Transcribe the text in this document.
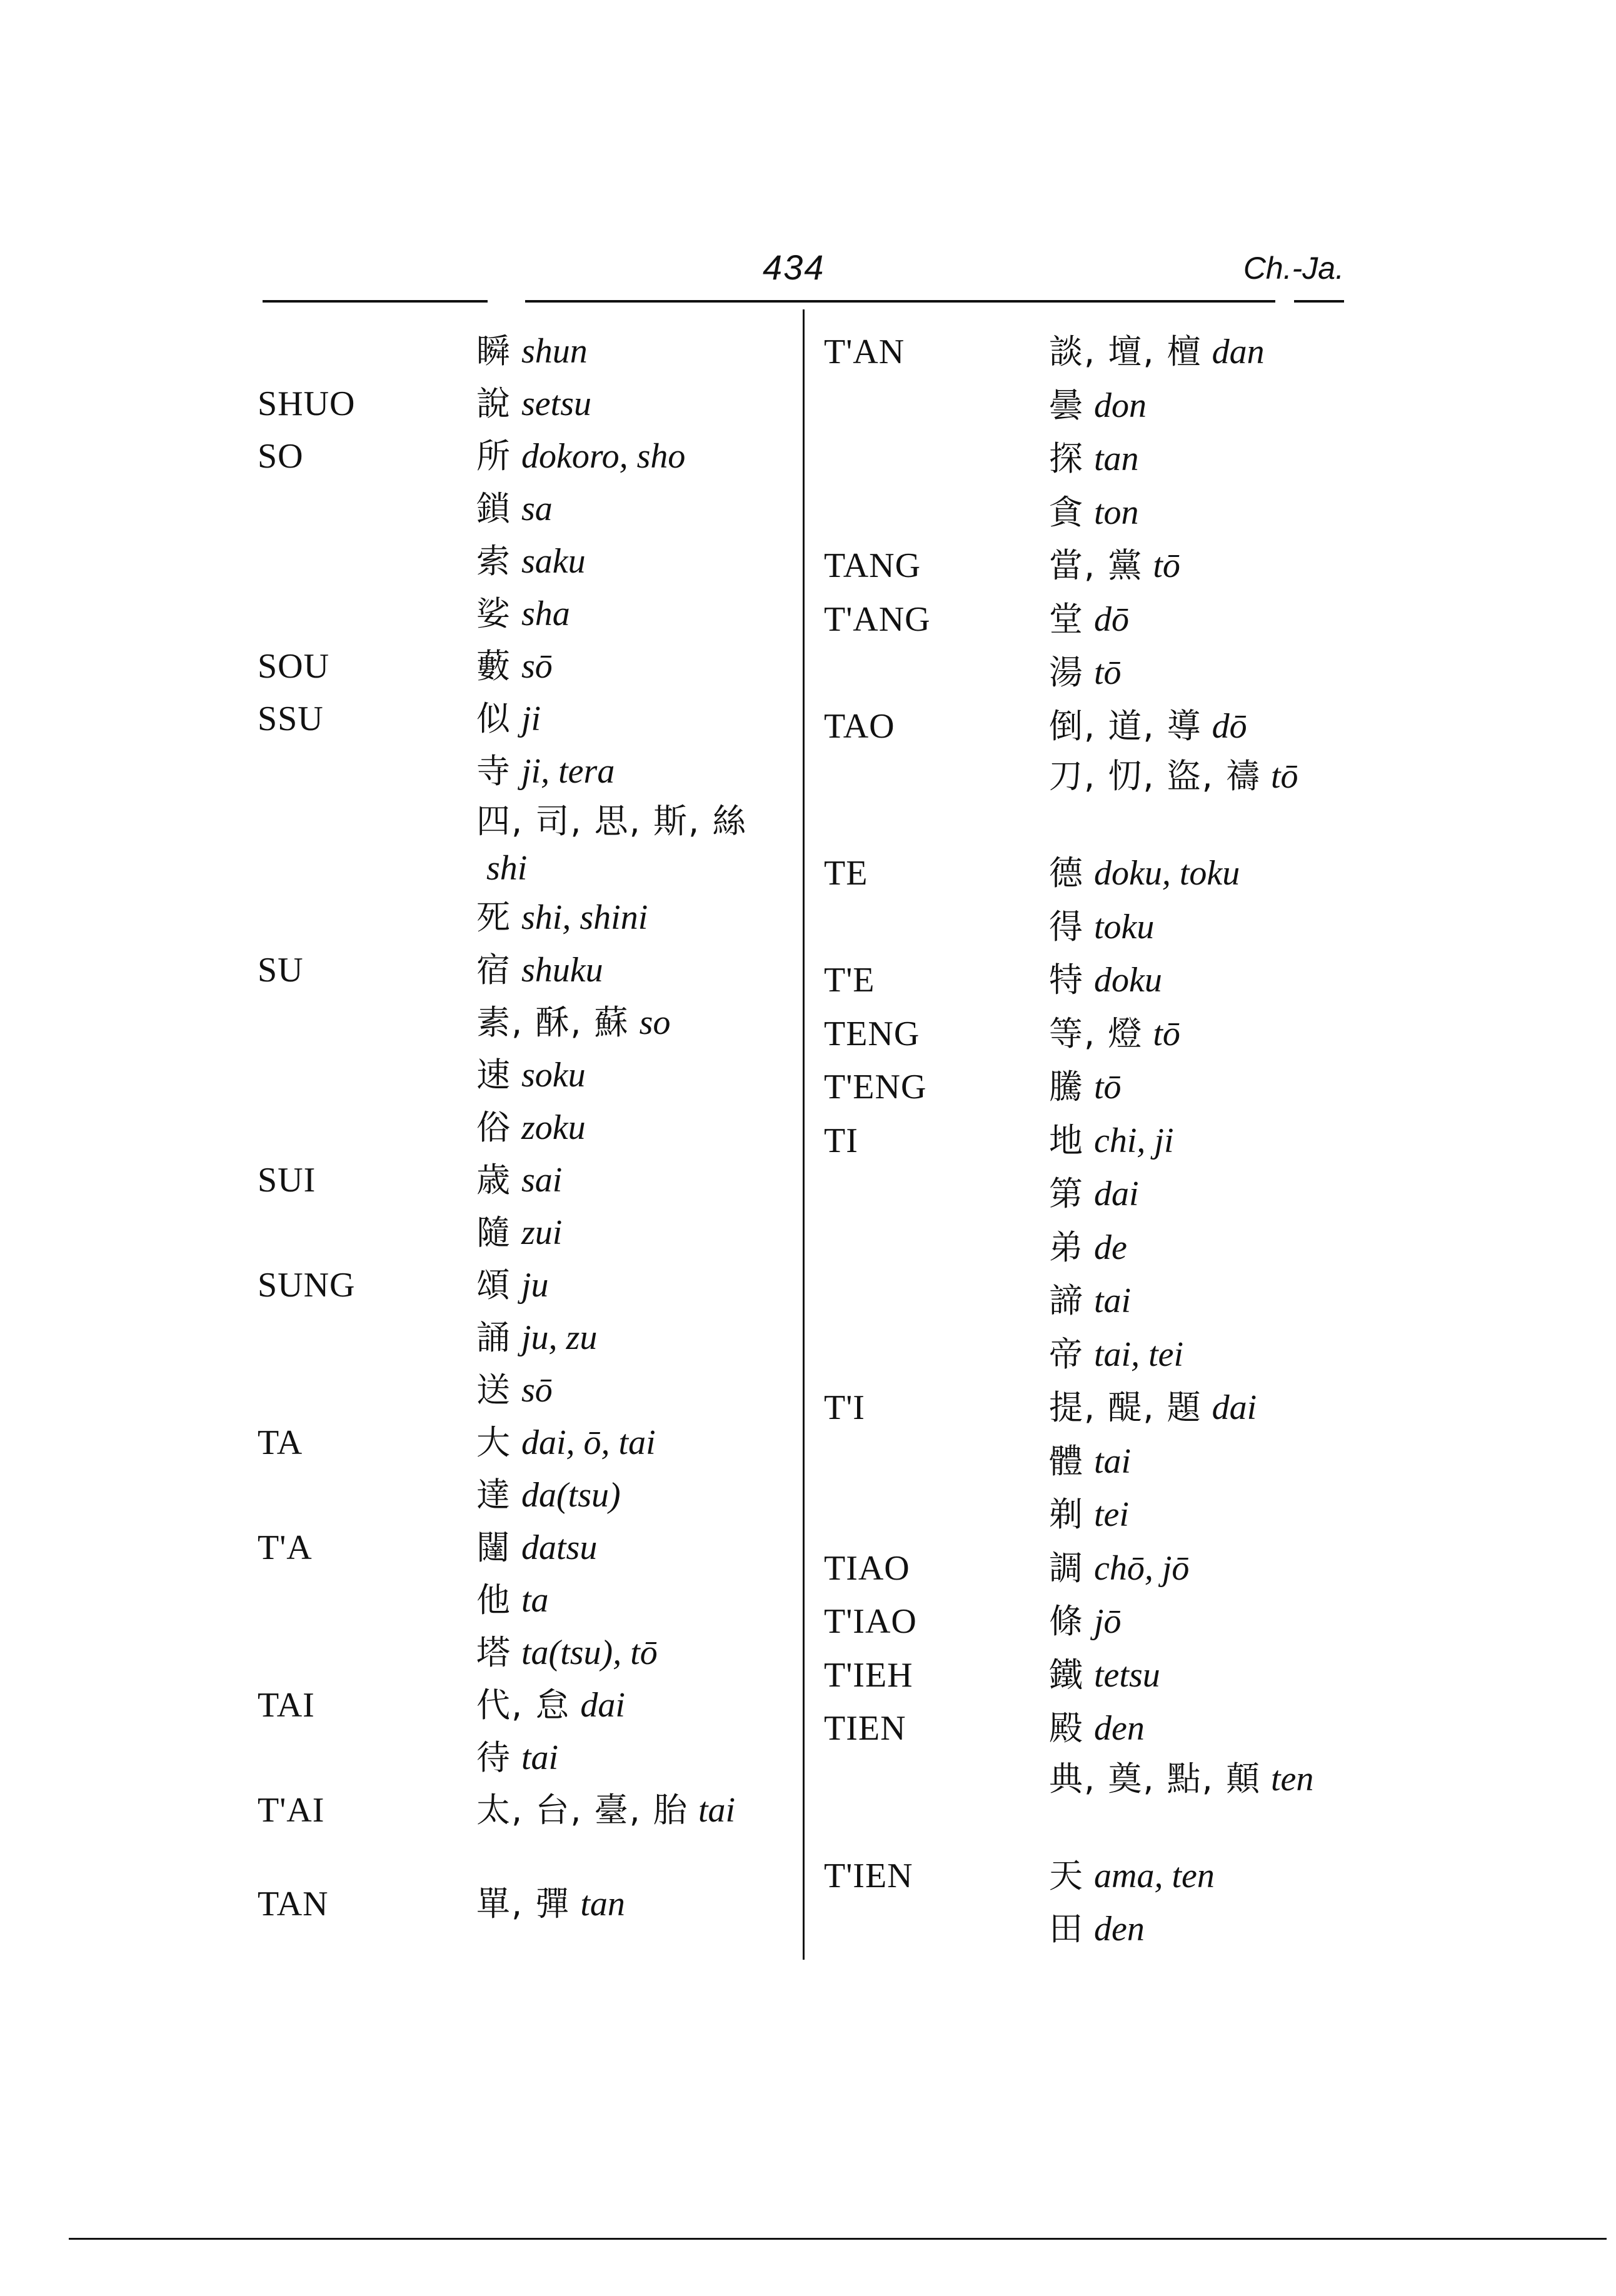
434	Ch.-Ja.
瞬 shun
SHUO	說 setsu
SO	所 dokoro, sho
鎖 sa
索 saku
娑 sha
SOU	藪 sō
SSU	似 ji
寺 ji, tera
四, 司, 思, 斯, 絲shi
死 shi, shini
SU	宿 shuku
素, 酥, 蘇 so
速 soku
俗 zoku
SUI	歳 sai
隨 zui
SUNG	頌 ju
誦 ju, zu
送 sō
TA	大 dai, ō, tai
達 da(tsu)
T'A	闥 datsu
他 ta
塔 ta(tsu), tō
TAI	代, 怠 dai
待 tai
T'AI	太, 台, 臺, 胎 tai
TAN	單, 彈 tan
T'AN	談, 壇, 檀 dan
曇 don
探 tan
貪 ton
TANG	當, 黨 tō
T'ANG	堂 dō
湯 tō
TAO	倒, 道, 導 dō
刀, 忉, 盜, 禱 tō
TE	德 doku, toku
得 toku
T'E	特 doku
TENG	等, 燈 tō
T'ENG	騰 tō
TI	地 chi, ji
第 dai
弟 de
諦 tai
帝 tai, tei
T'I	提, 醍, 題 dai
體 tai
剃 tei
TIAO	調 chō, jō
T'IAO	條 jō
T'IEH	鐵 tetsu
TIEN	殿 den
典, 奠, 點, 顛 ten
T'IEN	天 ama, ten
田 den
